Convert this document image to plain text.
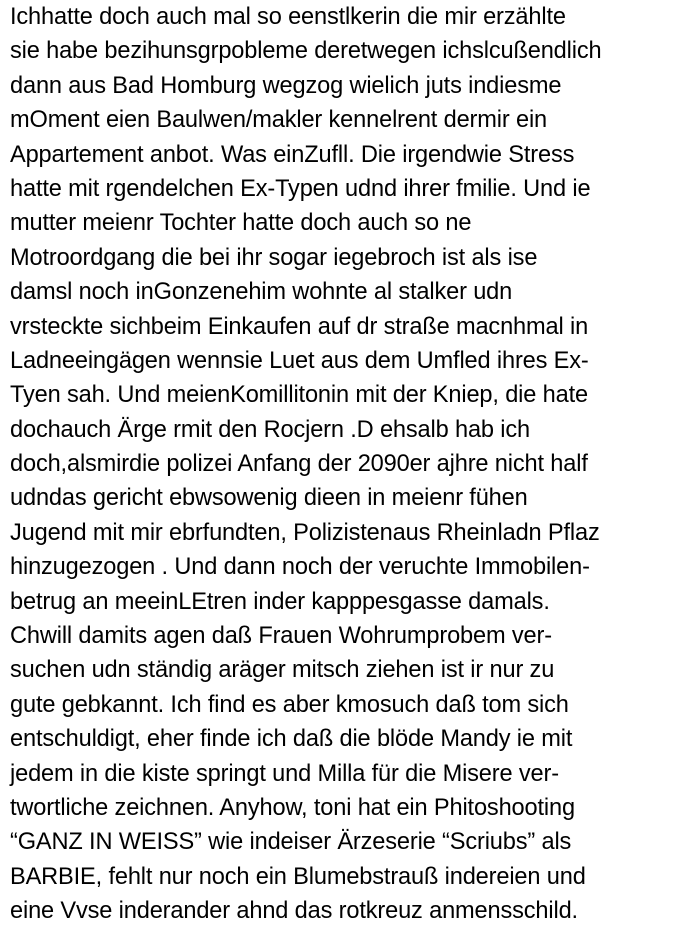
Ichhatte doch auch mal so eenstlkerin die mir erzählte
sie habe bezihunsgrpobleme deretwegen ichslcußendlich
dann aus Bad Homburg wegzog wielich juts indiesme
mOment eien Baulwen/makler kennelrent dermir ein
Appartement anbot. Was einZufll. Die irgendwie Stress
hatte mit rgendelchen Ex-Typen udnd ihrer fmilie. Und ie
mutter meienr Tochter hatte doch auch so ne
Motroordgang die bei ihr sogar iegebroch ist als ise
damsl noch inGonzenehim wohnte al stalker udn
vrsteckte sichbeim Einkaufen auf dr straße macnhmal in
Ladneeingägen wennsie Luet aus dem Umfled ihres Ex-
Tyen sah. Und meienKomillitonin mit der Kniep, die hate
dochauch Ärge rmit den Rocjern .D ehsalb hab ich
doch,alsmirdie polizei Anfang der 2090er ajhre nicht half
udndas gericht ebwsowenig dieen in meienr fühen
Jugend mit mir ebrfundten, Polizistenaus Rheinladn Pflaz
hinzugezogen . Und dann noch der veruchte Immobilen-
betrug an meeinLEtren inder kapppesgasse damals.
Chwill damits agen daß Frauen Wohrumprobem ver-
suchen udn ständig aräger mitsch ziehen ist ir nur zu
gute gebkannt. Ich find es aber kmosuch daß tom sich
entschuldigt, eher finde ich daß die blöde Mandy ie mit
jedem in die kiste springt und Milla für die Misere ver-
twortliche zeichnen. Anyhow, toni hat ein Phitoshooting
“GANZ IN WEISS” wie indeiser Ärzeserie “Scriubs” als
BARBIE, fehlt nur noch ein Blumebstrauß indereien und
eine Vvse inderander ahnd das rotkreuz anmensschild.
